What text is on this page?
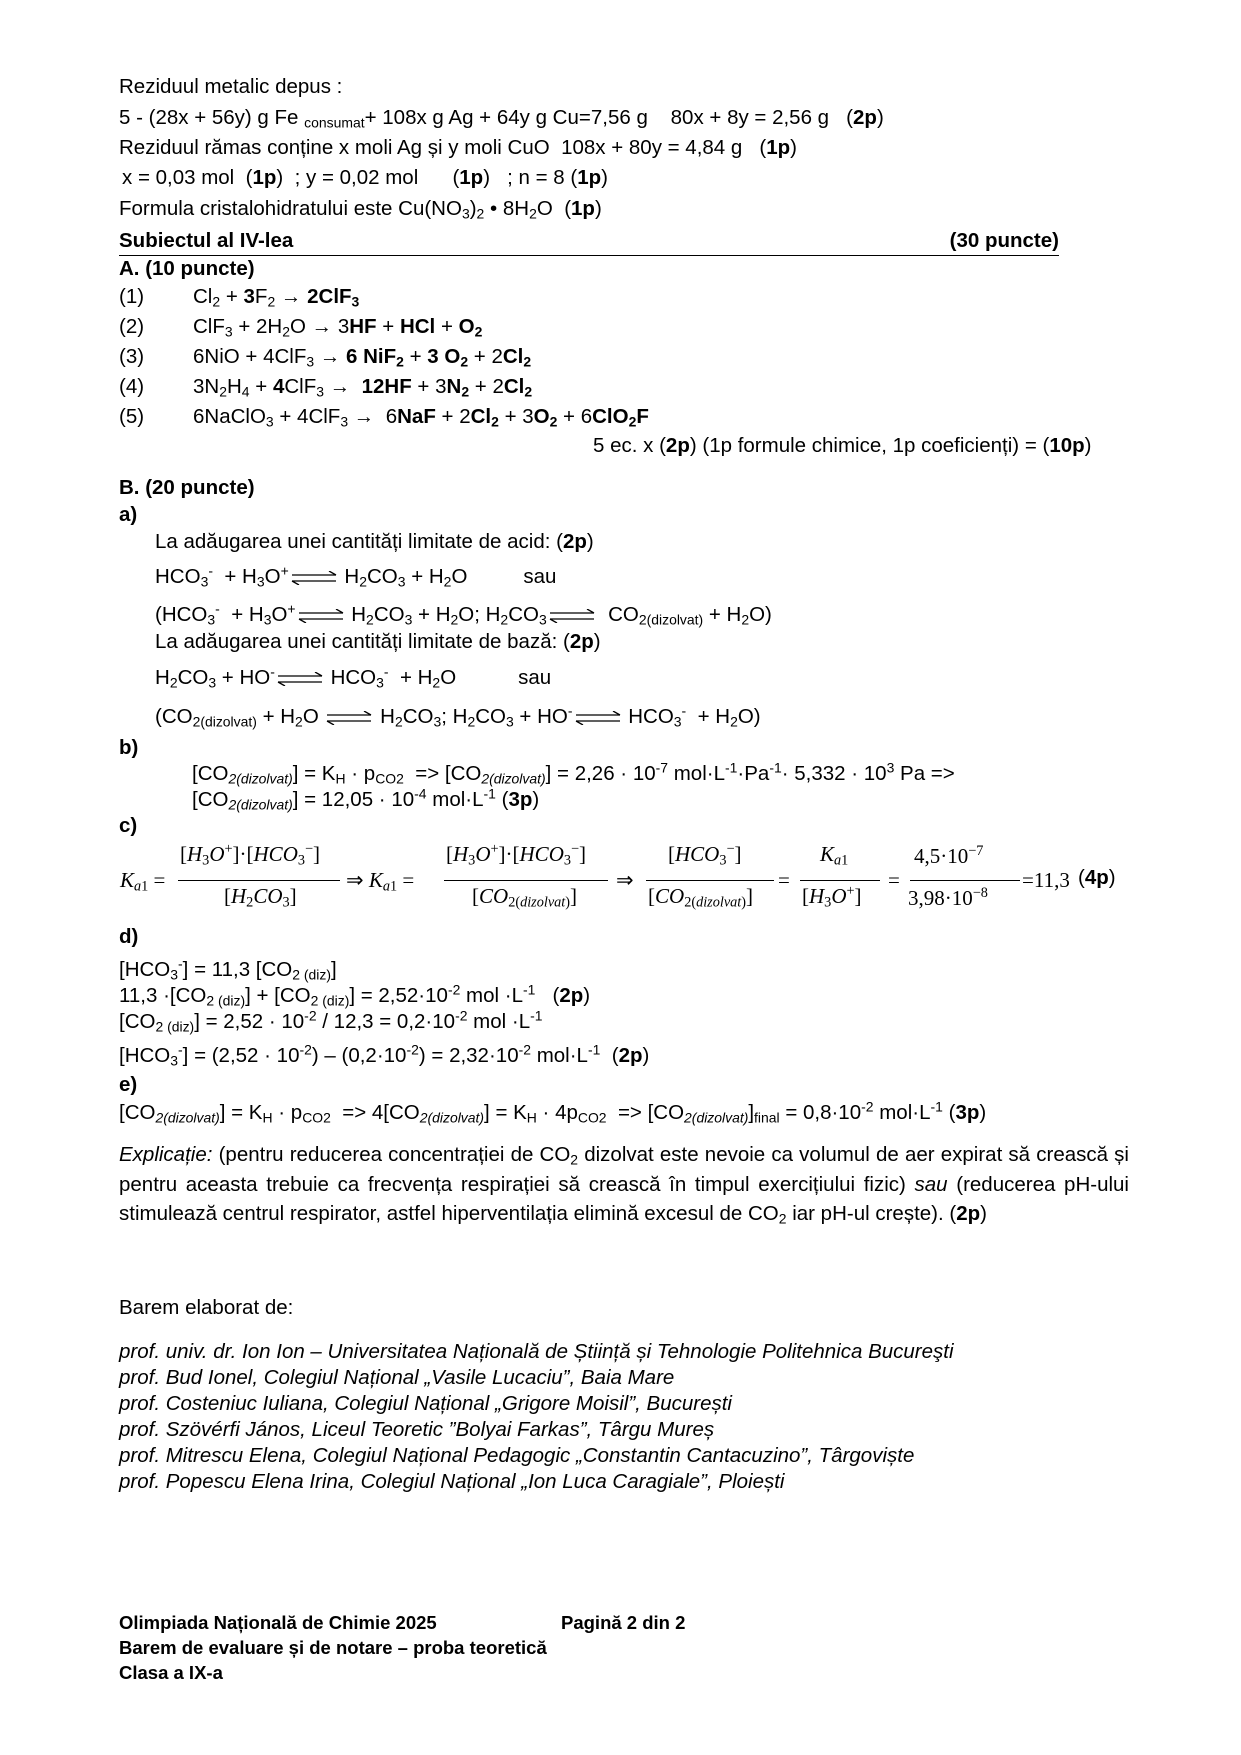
Reziduul metalic depus :
5 - (28x + 56y) g Fe $_{consumat}$+ 108x g Ag + 64y g Cu=7,56 g 80x + 8y = 2,56 g   (2p)
Reziduul rămas conține x moli Ag și y moli CuO 108x + 80y = 4,84 g   (1p)
x = 0,03 mol  (1p)  ; y = 0,02 mol      (1p)   ; n = 8 (1p)
Formula cristalohidratului este $Cu(NO_3)_2$ • $8H_2O$  (1p)
Subiectul al IV-lea	(30 puncte)
A. (10 puncte)
(1) $Cl_2 + 3F_2 \to 2ClF_3$
(2) $ClF_3 + 2H_2O \to 3HF$ + HCl + $O_2$
(3) 6NiO + 4ClF$_3$ → 6 NiF$_2$ + 3 $O_2 + 2Cl_2$
(4) $3N_2H_4 + 4ClF_3 \to 12HF + 3N_2 + 2Cl_2$
(5) 6NaClO$_3$ + $4ClF_3 \to 6NaF + 2Cl_2 + 3O_2 + 6ClO_2F$
5 ec. x (2p) (1p formule chimice, 1p coeficienți) = (10p)
B. (20 puncte)
a)
La adăugarea unei cantități limitate de acid: (2p)
$HCO_3^- + H_3O^+$ $H_2CO_3 + H_2O$	sau
($HCO_3^- + H_3O^+$ $H_2CO_3 + H_2O$; $H_2CO_3$  $CO_{2(dizolvat)} + H_2O$)
La adăugarea unei cantități limitate de bază: (2p)
$H_2CO_3 + HO^-$ $HCO_3^- + H_2O$	sau
($CO_{2(dizolvat)} + H_2O$  $H_2CO_3$; $H_2CO_3 + HO^-$ $HCO_3^- + H_2O$)
b)
$[CO_{2(dizolvat)}] = K_H \cdot p_{CO2} => [CO_{2(dizolvat)}] = 2,26 \cdot 10^{-7}$ $mol\cdot L^{-1}\cdot Pa^{-1}\cdot 5,332 \cdot 10^3$ Pa =>
$[CO_{2(dizolvat)}] = 12,05 \cdot 10^{-4}$ $mol\cdot L^{-1}$ (3p)
c)
$K_{a1}$ =
$[H_3O^+]\cdot[HCO_3^-]$
$[H_2CO_3]$
⇒ $K_{a1}$ =
$[H_3O^+]\cdot[HCO_3^-]$
$[CO_{2(dizolvat)}]$
⇒
$[HCO_3^-]$
$[CO_{2(dizolvat)}]$
=
$K_{a1}$
$[H_3O^+]$
=
$4,5\cdot 10^{-7}$
$3,98\cdot 10^{-8}$
=11,3 (4p)
d)
$[HCO_3^-] = 11,3$ $[CO_{2 (diz)}]$
$11,3 \cdot[CO_{2 (diz)}] + [CO_{2 (diz)}] = 2,52\cdot 10^{-2}$ mol $\cdot L^{-1}$   (2p)
$[CO_{2 (diz)}] = 2,52 \cdot 10^{-2} / 12,3 = 0,2\cdot 10^{-2}$ mol $\cdot L^{-1}$
$[HCO_3^-] = (2,52 \cdot 10^{-2}) - (0,2\cdot 10^{-2}) = 2,32\cdot 10^{-2}$ $mol\cdot L^{-1}$  (2p)
e)
$[CO_{2(dizolvat)}] = K_H \cdot p_{CO2} => 4[CO_{2(dizolvat)}] = K_H \cdot 4p_{CO2} => [CO_{2(dizolvat)}]_{final} = 0,8\cdot 10^{-2}$ $mol\cdot L^{-1}$ (3p)
Explicație: (pentru reducerea concentrației de $CO_2$ dizolvat este nevoie ca volumul de aer expirat să crească și pentru aceasta trebuie ca frecvența respirației să crească în timpul exercițiului fizic) sau (reducerea pH-ului stimulează centrul respirator, astfel hiperventilația elimină excesul de $CO_2$ iar pH-ul crește). (2p)
Barem elaborat de:
prof. univ. dr. Ion Ion – Universitatea Națională de Știință și Tehnologie Politehnica Bucureşti
prof. Bud Ionel, Colegiul Național „Vasile Lucaciu”, Baia Mare
prof. Costeniuc Iuliana, Colegiul Național „Grigore Moisil”, București
prof. Szövérfi János, Liceul Teoretic ”Bolyai Farkas”, Târgu Mureș
prof. Mitrescu Elena, Colegiul Național Pedagogic „Constantin Cantacuzino”, Târgoviște
prof. Popescu Elena Irina, Colegiul Național „Ion Luca Caragiale”, Ploiești
Olimpiada Națională de Chimie 2025	Pagină 2 din 2
Barem de evaluare și de notare – proba teoretică
Clasa a IX-a
